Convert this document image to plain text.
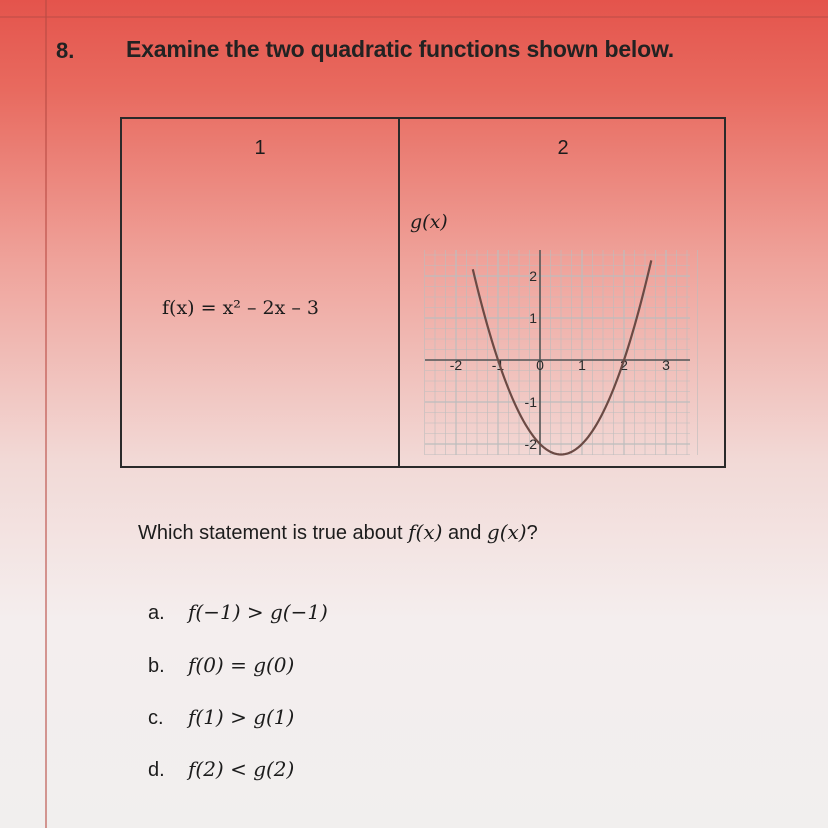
8. Examine the two quadratic functions shown below.
1	2
f(x) = x² – 2x – 3
g(x)
-2 -1 0 1 2 3
2
1
-1
-2
Which statement is true about f(x) and g(x)?
a. f(−1) > g(−1)
b. f(0) = g(0)
c. f(1) > g(1)
d. f(2) < g(2)
